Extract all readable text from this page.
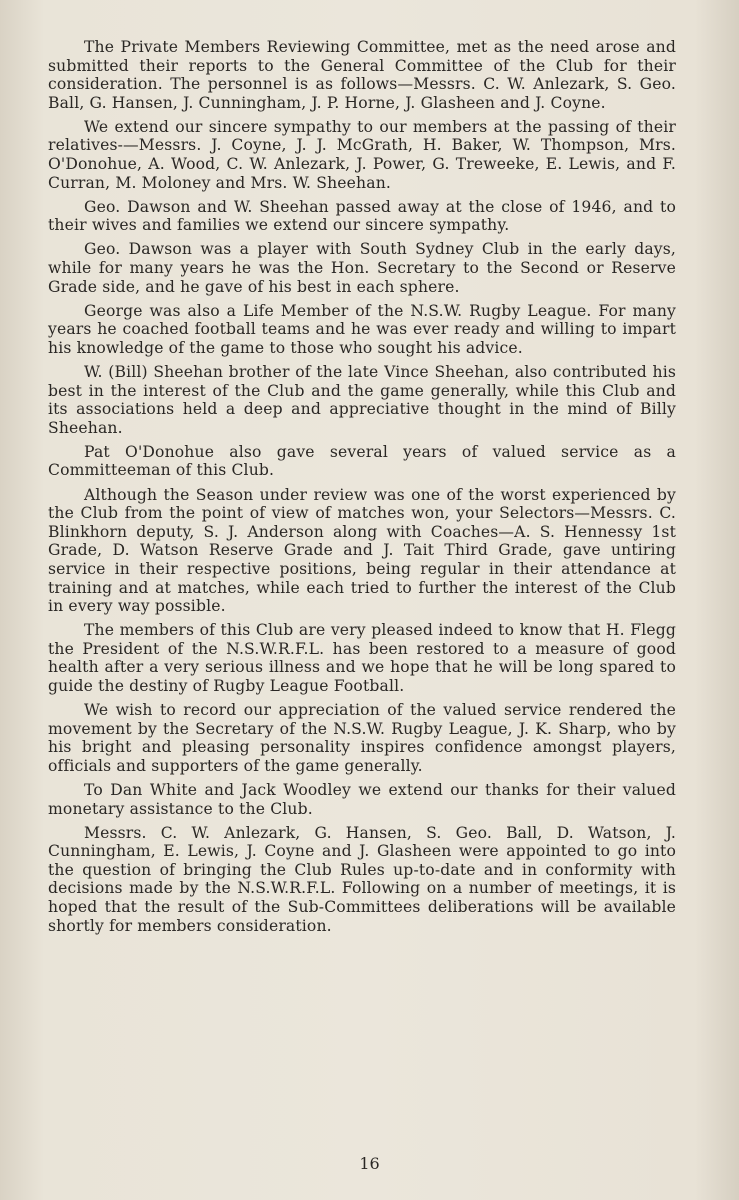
The Private Members Reviewing Committee, met as the need arose and submitted their reports to the General Committee of the Club for their consideration. The personnel is as follows—Messrs. C. W. Anlezark, S. Geo. Ball, G. Hansen, J. Cunningham, J. P. Horne, J. Glasheen and J. Coyne.

We extend our sincere sympathy to our members at the passing of their relatives-—Messrs. J. Coyne, J. J. McGrath, H. Baker, W. Thompson, Mrs. O'Donohue, A. Wood, C. W. Anlezark, J. Power, G. Treweeke, E. Lewis, and F. Curran, M. Moloney and Mrs. W. Sheehan.

Geo. Dawson and W. Sheehan passed away at the close of 1946, and to their wives and families we extend our sincere sympathy.

Geo. Dawson was a player with South Sydney Club in the early days, while for many years he was the Hon. Secretary to the Second or Reserve Grade side, and he gave of his best in each sphere.

George was also a Life Member of the N.S.W. Rugby League. For many years he coached football teams and he was ever ready and willing to impart his knowledge of the game to those who sought his advice.

W. (Bill) Sheehan brother of the late Vince Sheehan, also contributed his best in the interest of the Club and the game generally, while this Club and its associations held a deep and appreciative thought in the mind of Billy Sheehan.

Pat O'Donohue also gave several years of valued service as a Committeeman of this Club.

Although the Season under review was one of the worst experienced by the Club from the point of view of matches won, your Selectors—Messrs. C. Blinkhorn deputy, S. J. Anderson along with Coaches—A. S. Hennessy 1st Grade, D. Watson Reserve Grade and J. Tait Third Grade, gave untiring service in their respective positions, being regular in their attendance at training and at matches, while each tried to further the interest of the Club in every way possible.

The members of this Club are very pleased indeed to know that H. Flegg the President of the N.S.W.R.F.L. has been restored to a measure of good health after a very serious illness and we hope that he will be long spared to guide the destiny of Rugby League Football.

We wish to record our appreciation of the valued service rendered the movement by the Secretary of the N.S.W. Rugby League, J. K. Sharp, who by his bright and pleasing personality inspires confidence amongst players, officials and supporters of the game generally.

To Dan White and Jack Woodley we extend our thanks for their valued monetary assistance to the Club.

Messrs. C. W. Anlezark, G. Hansen, S. Geo. Ball, D. Watson, J. Cunningham, E. Lewis, J. Coyne and J. Glasheen were appointed to go into the question of bringing the Club Rules up-to-date and in conformity with decisions made by the N.S.W.R.F.L. Following on a number of meetings, it is hoped that the result of the Sub-Committees deliberations will be available shortly for members consideration.

16
